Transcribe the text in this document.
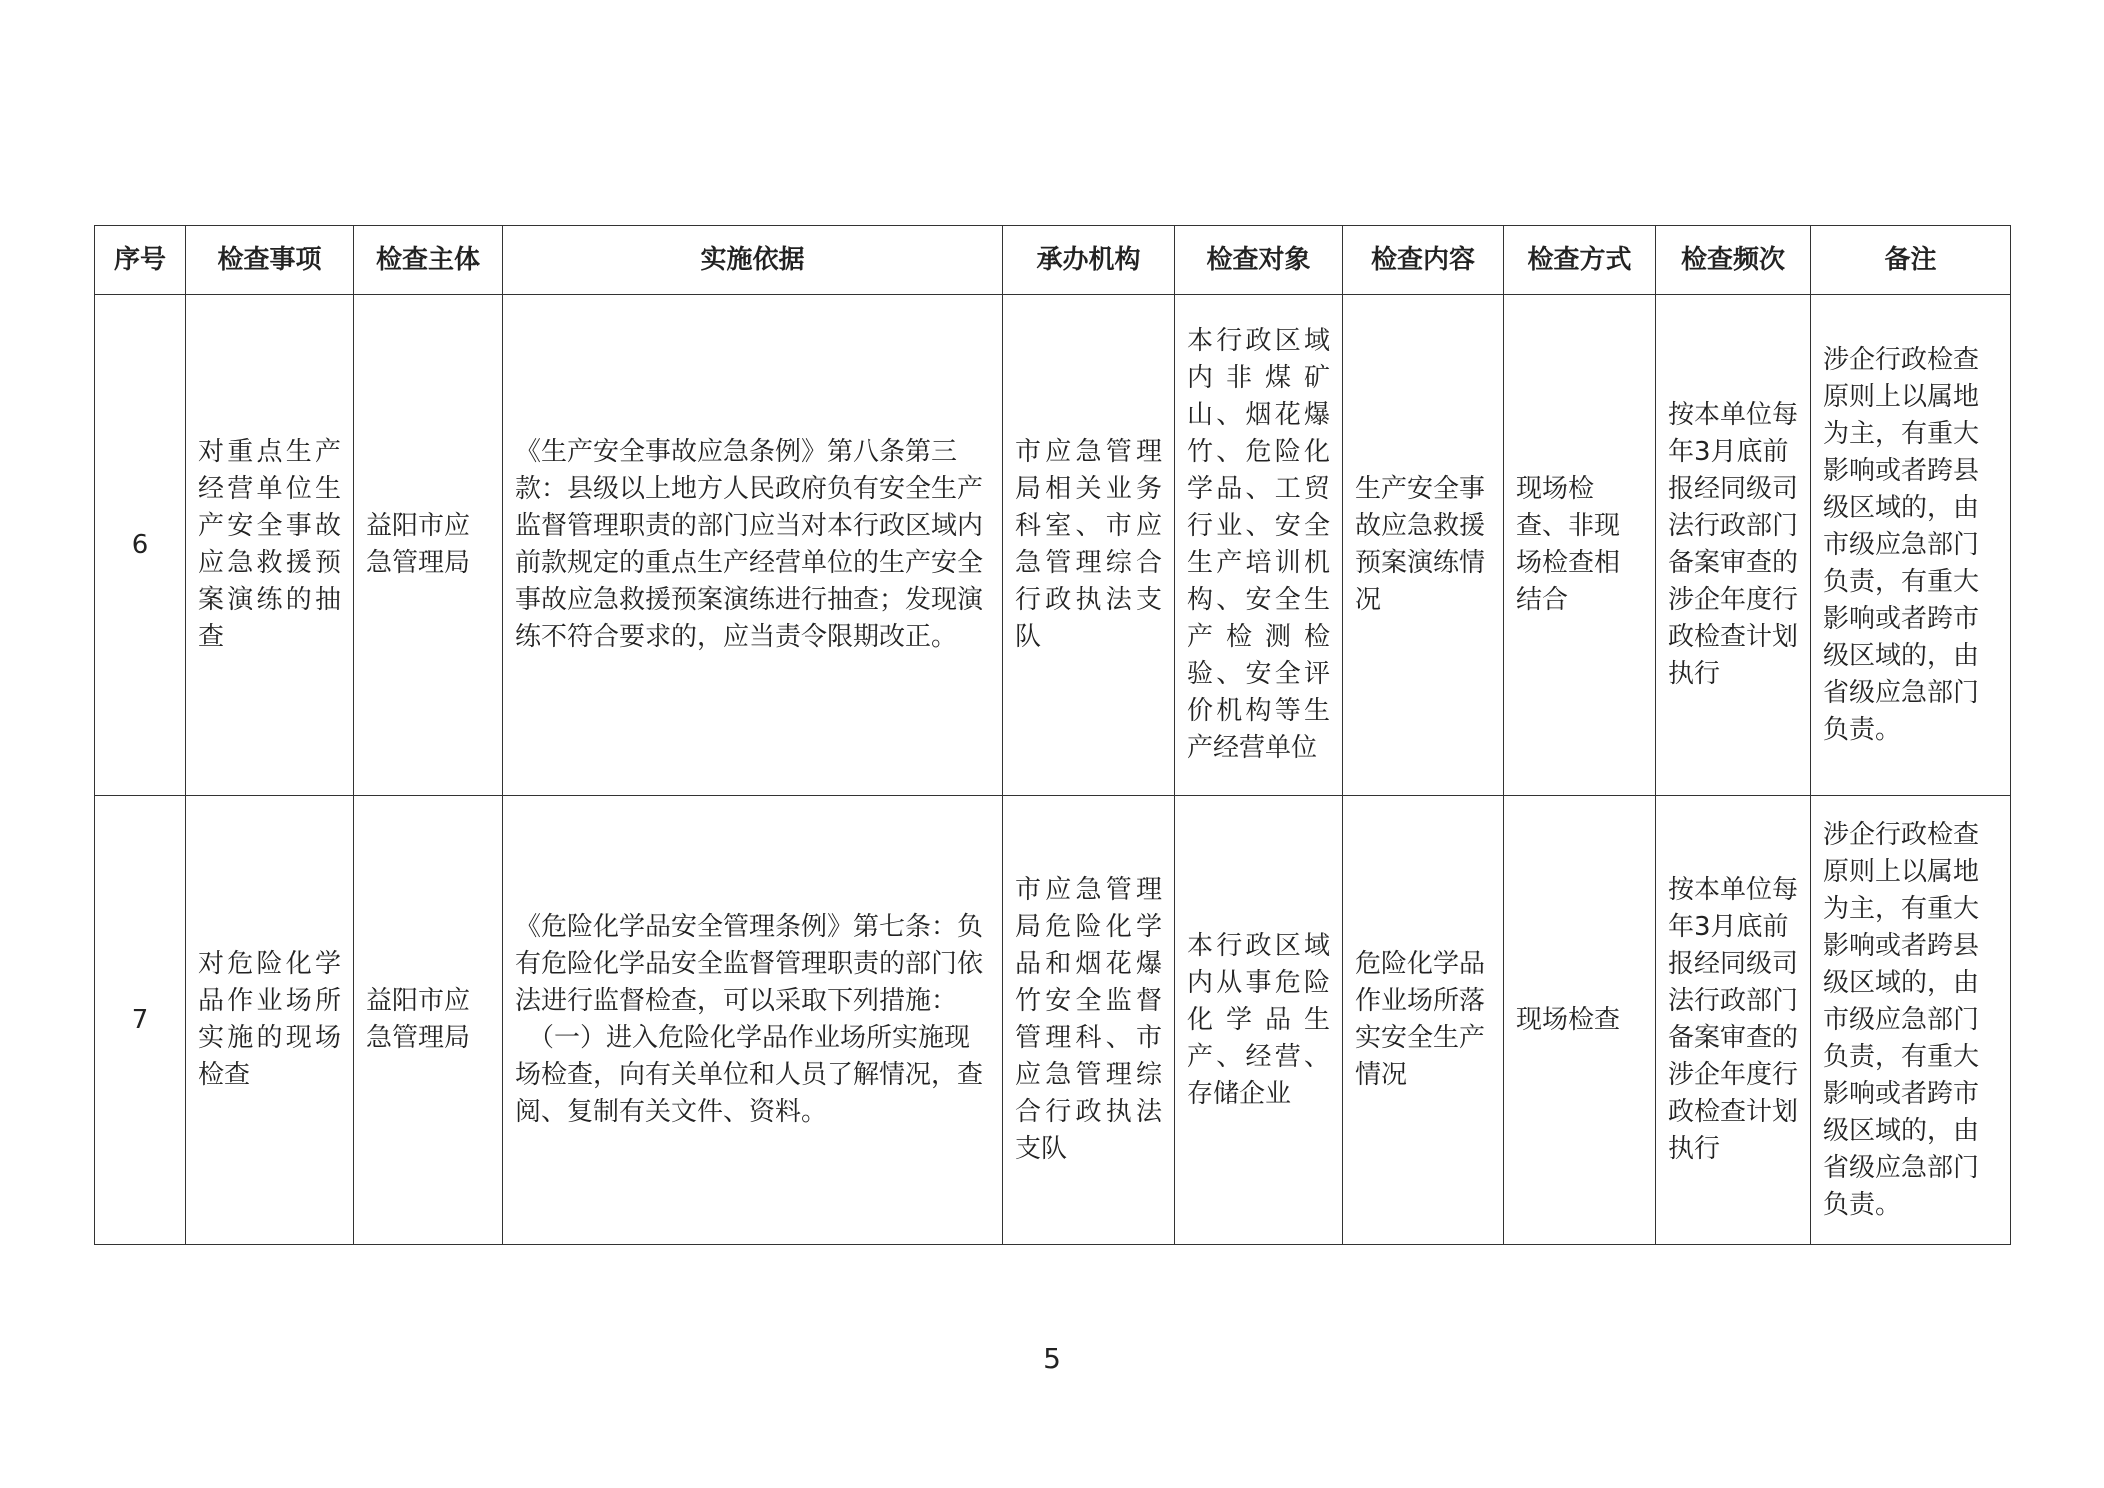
序号	检查事项	检查主体	实施依据	承办机构	检查对象	检查内容	检查方式	检查频次	备注
6	对重点生产经营单位生产安全事故应急救援预案演练的抽查	益阳市应急管理局	《生产安全事故应急条例》第八条第三款：县级以上地方人民政府负有安全生产监督管理职责的部门应当对本行政区域内前款规定的重点生产经营单位的生产安全事故应急救援预案演练进行抽查；发现演练不符合要求的，应当责令限期改正。	市应急管理局相关业务科室、市应急管理综合行政执法支队	本行政区域内非煤矿山、烟花爆竹、危险化学品、工贸行业、安全生产培训机构、安全生产检测检验、安全评价机构等生产经营单位	生产安全事故应急救援预案演练情况	现场检查、非现场检查相结合	按本单位每年3月底前报经同级司法行政部门备案审查的涉企年度行政检查计划执行	涉企行政检查原则上以属地为主，有重大影响或者跨县级区域的，由市级应急部门负责，有重大影响或者跨市级区域的，由省级应急部门负责。
7	对危险化学品作业场所实施的现场检查	益阳市应急管理局	《危险化学品安全管理条例》第七条：负有危险化学品安全监督管理职责的部门依法进行监督检查，可以采取下列措施：
　（一）进入危险化学品作业场所实施现场检查，向有关单位和人员了解情况，查阅、复制有关文件、资料。	市应急管理局危险化学品和烟花爆竹安全监督管理科、市应急管理综合行政执法支队	本行政区域内从事危险化学品生产、经营、存储企业	危险化学品作业场所落实安全生产情况	现场检查	按本单位每年3月底前报经同级司法行政部门备案审查的涉企年度行政检查计划执行	涉企行政检查原则上以属地为主，有重大影响或者跨县级区域的，由市级应急部门负责，有重大影响或者跨市级区域的，由省级应急部门负责。
5
